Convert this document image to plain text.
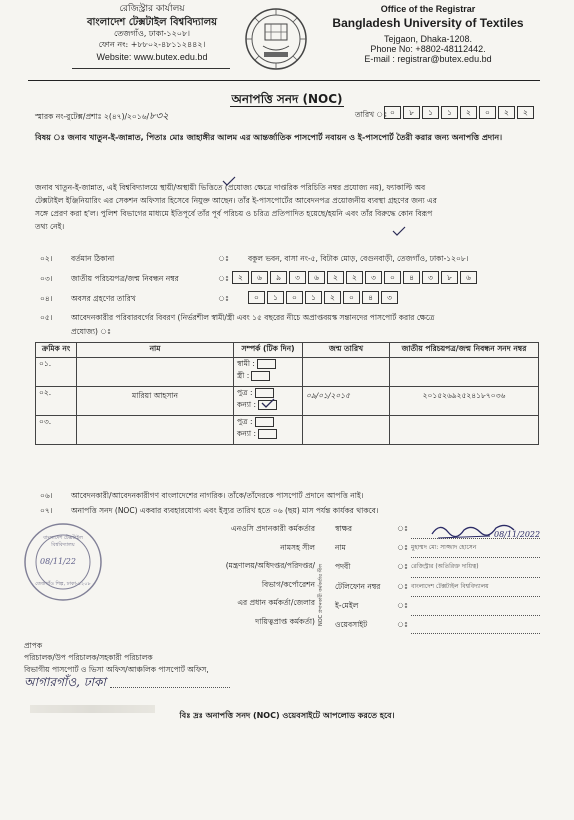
রেজিস্ট্রার কার্যালয়
বাংলাদেশ টেক্সটাইল বিশ্ববিদ্যালয়
তেজগাঁও, ঢাকা-১২০৮।
ফোন নং: +৮৮০২-৪৮১১২৪৪২।
Website: www.butex.edu.bd
Office of the Registrar
Bangladesh University of Textiles
Tejgaon, Dhaka-1208.
Phone No: +8802-48112442.
E-mail : registrar@butex.edu.bd
অনাপত্তি সনদ (NOC)
স্মারক নং-বুটেক্স/প্রশাঃ ২(৪৭)/২০১৬/৮৩২	তারিখ ঃ ০	৮	১	১	২	০	২	২
বিষয় ঃ জনাব খাতুন-ই-জান্নাত, পিতাঃ মোঃ জাহাঙ্গীর আলম এর আন্তর্জাতিক পাসপোর্ট নবায়ন ও ই-পাসপোর্ট তৈরী করার জন্য অনাপত্তি প্রদান।
জনাব খাতুন-ই-জান্নাত, এই বিশ্ববিদ্যালয়ে স্থায়ী/অস্থায়ী ভিত্তিতে (প্রযোজ্য ক্ষেত্রে দাপ্তরিক পরিচিতি নম্বর প্রযোজ্য নয়), ফ্যাকাল্টি অব
টেক্সটাইল ইঞ্জিনিয়ারিং এর সেকশন অফিসার হিসেবে নিযুক্ত আছেন। তাঁর ই-পাসপোর্টের আবেদনপত্র প্রয়োজনীয় ব্যবস্থা গ্রহণের জন্য এর
সঙ্গে প্রেরণ করা হ'ল। পুলিশ বিভাগের মাধ্যমে ইতিপূর্বে তাঁর পূর্ব পরিচয় ও চরিত্র প্রতিপাদিত হয়েছে/হয়নি এবং তাঁর বিরুদ্ধে কোন বিরূপ
তথ্য নেই।
০২। বর্তমান ঠিকানা	ঃ	বকুল ভবন, বাসা নং-৫, বিটাক মোড়, বেগুনবাড়ী, তেজগাঁও, ঢাকা-১২০৮।
০৩। জাতীয় পরিচয়পত্র/জন্ম নিবন্ধন নম্বর	ঃ	২	৬	৯	৩	৬	২	২	৩	০	৪	৩	৮	৬
০৪। অবসর গ্রহণের তারিখ	ঃ	০	১	০	১	২	০	৪	৩
০৫। আবেদনকারীর পরিবারবর্গের বিবরণ (নির্ভরশীল স্বামী/স্ত্রী এবং ১৫ বছরের নীচে অপ্রাপ্তবয়স্ক সন্তানদের পাসপোর্ট করার ক্ষেত্রে
প্রযোজ্য) ঃ
ক্রমিক নং	নাম	সম্পর্ক (টিক দিন)	জন্ম তারিখ	জাতীয় পরিচয়পত্র/জন্ম নিবন্ধন সনদ নম্বর
০১.		স্বামী :
স্ত্রী :		

০২.	মারিয়া আহসান	পুত্র :
কন্যা :	০৯/০১/২০১৫	২০১৫২৬৯২৫২৪১৮৭০৩৬
০৩.		পুত্র :
কন্যা :		

০৬। আবেদনকারী/আবেদনকারীগণ বাংলাদেশের নাগরিক। তাঁকে/তাঁদেরকে পাসপোর্ট প্রদানে আপত্তি নাই।
০৭। অনাপত্তি সনদ (NOC) একবার ব্যবহারযোগ্য এবং ইস্যুর তারিখ হতে ০৬ (ছয়) মাস পর্যন্ত কার্যকর থাকবে।
এনওসি প্রদানকারী কর্মকর্তার
নামসহ সীল
(মন্ত্রণালয়/অধিদপ্তর/পরিদপ্তর/
বিভাগ/কর্পোরেশন
এর প্রধান কর্মকর্তা/জেলার
দায়িত্বপ্রাপ্ত কর্মকর্তা) NOC প্রদানকারী কর্মকর্তার সীল
স্বাক্ষর	ঃ
নাম	ঃ মুহাম্মদ মো: সাজ্জাদ হোসেন
পদবী	ঃ রেজিস্ট্রার (অতিরিক্ত দায়িত্ব)
টেলিফোন নম্বর	ঃ বাংলাদেশ টেক্সটাইল বিশ্ববিদ্যালয়
ই-মেইল	ঃ
ওয়েবসাইট	ঃ
08/11/2022
বাংলাদেশ টেক্সটাইল
বিশ্ববিদ্যালয়
08/11/22
তেজগাঁও শিল্প, ঢাকা-১২০৮
প্রাপক
পরিচালক/উপ পরিচালক/সহকারী পরিচালক
বিভাগীয় পাসপোর্ট ও ভিসা অফিস/আঞ্চলিক পাসপোর্ট অফিস,
আগারগাঁও, ঢাকা
বিঃ দ্রঃ অনাপত্তি সনদ (NOC) ওয়েবসাইটে আপলোড করতে হবে।
